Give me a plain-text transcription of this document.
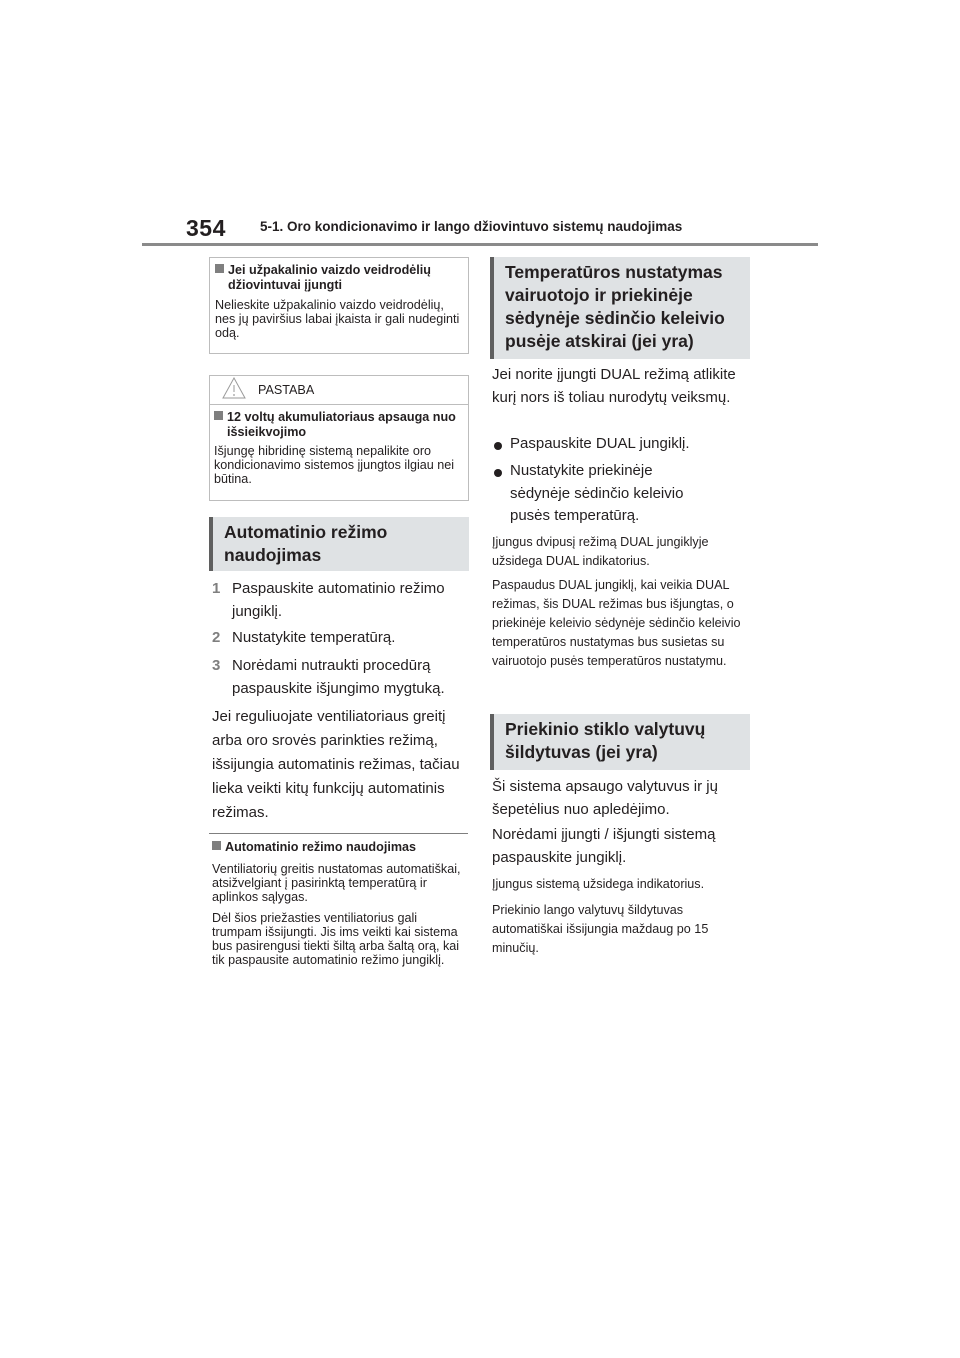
354	5-1. Oro kondicionavimo ir lango džiovintuvo sistemų naudojimas
Jei užpakalinio vaizdo veidrodėlių džiovintuvai įjungti
Nelieskite užpakalinio vaizdo veidrodėlių, nes jų paviršius labai įkaista ir gali nudeginti odą.
PASTABA
12 voltų akumuliatoriaus apsauga nuo išsieikvojimo
Išjungę hibridinę sistemą nepalikite oro kondicionavimo sistemos įjungtos ilgiau nei būtina.
Automatinio režimo naudojimas
1 Paspauskite automatinio režimo jungiklį.
2 Nustatykite temperatūrą.
3 Norėdami nutraukti procedūrą paspauskite išjungimo mygtuką.
Jei reguliuojate ventiliatoriaus greitį arba oro srovės parinkties režimą, išsijungia automatinis režimas, tačiau lieka veikti kitų funkcijų automatinis režimas.
Automatinio režimo naudojimas
Ventiliatorių greitis nustatomas automatiškai, atsižvelgiant į pasirinktą temperatūrą ir aplinkos sąlygas.
Dėl šios priežasties ventiliatorius gali trumpam išsijungti. Jis ims veikti kai sistema bus pasirengusi tiekti šiltą arba šaltą orą, kai tik paspausite automatinio režimo jungiklį.
Temperatūros nustatymas vairuotojo ir priekinėje sėdynėje sėdinčio keleivio pusėje atskirai (jei yra)
Jei norite įjungti DUAL režimą atlikite kurį nors iš toliau nurodytų veiksmų.
Paspauskite DUAL jungiklį.
Nustatykite priekinėje sėdynėje sėdinčio keleivio pusės temperatūrą.
Įjungus dvipusį režimą DUAL jungiklyje užsidega DUAL indikatorius.
Paspaudus DUAL jungiklį, kai veikia DUAL režimas, šis DUAL režimas bus išjungtas, o priekinėje keleivio sėdynėje sėdinčio keleivio temperatūros nustatymas bus susietas su vairuotojo pusės temperatūros nustatymu.
Priekinio stiklo valytuvų šildytuvas (jei yra)
Ši sistema apsaugo valytuvus ir jų šepetėlius nuo apledėjimo.
Norėdami įjungti / išjungti sistemą paspauskite jungiklį.
Įjungus sistemą užsidega indikatorius.
Priekinio lango valytuvų šildytuvas automatiškai išsijungia maždaug po 15 minučių.
